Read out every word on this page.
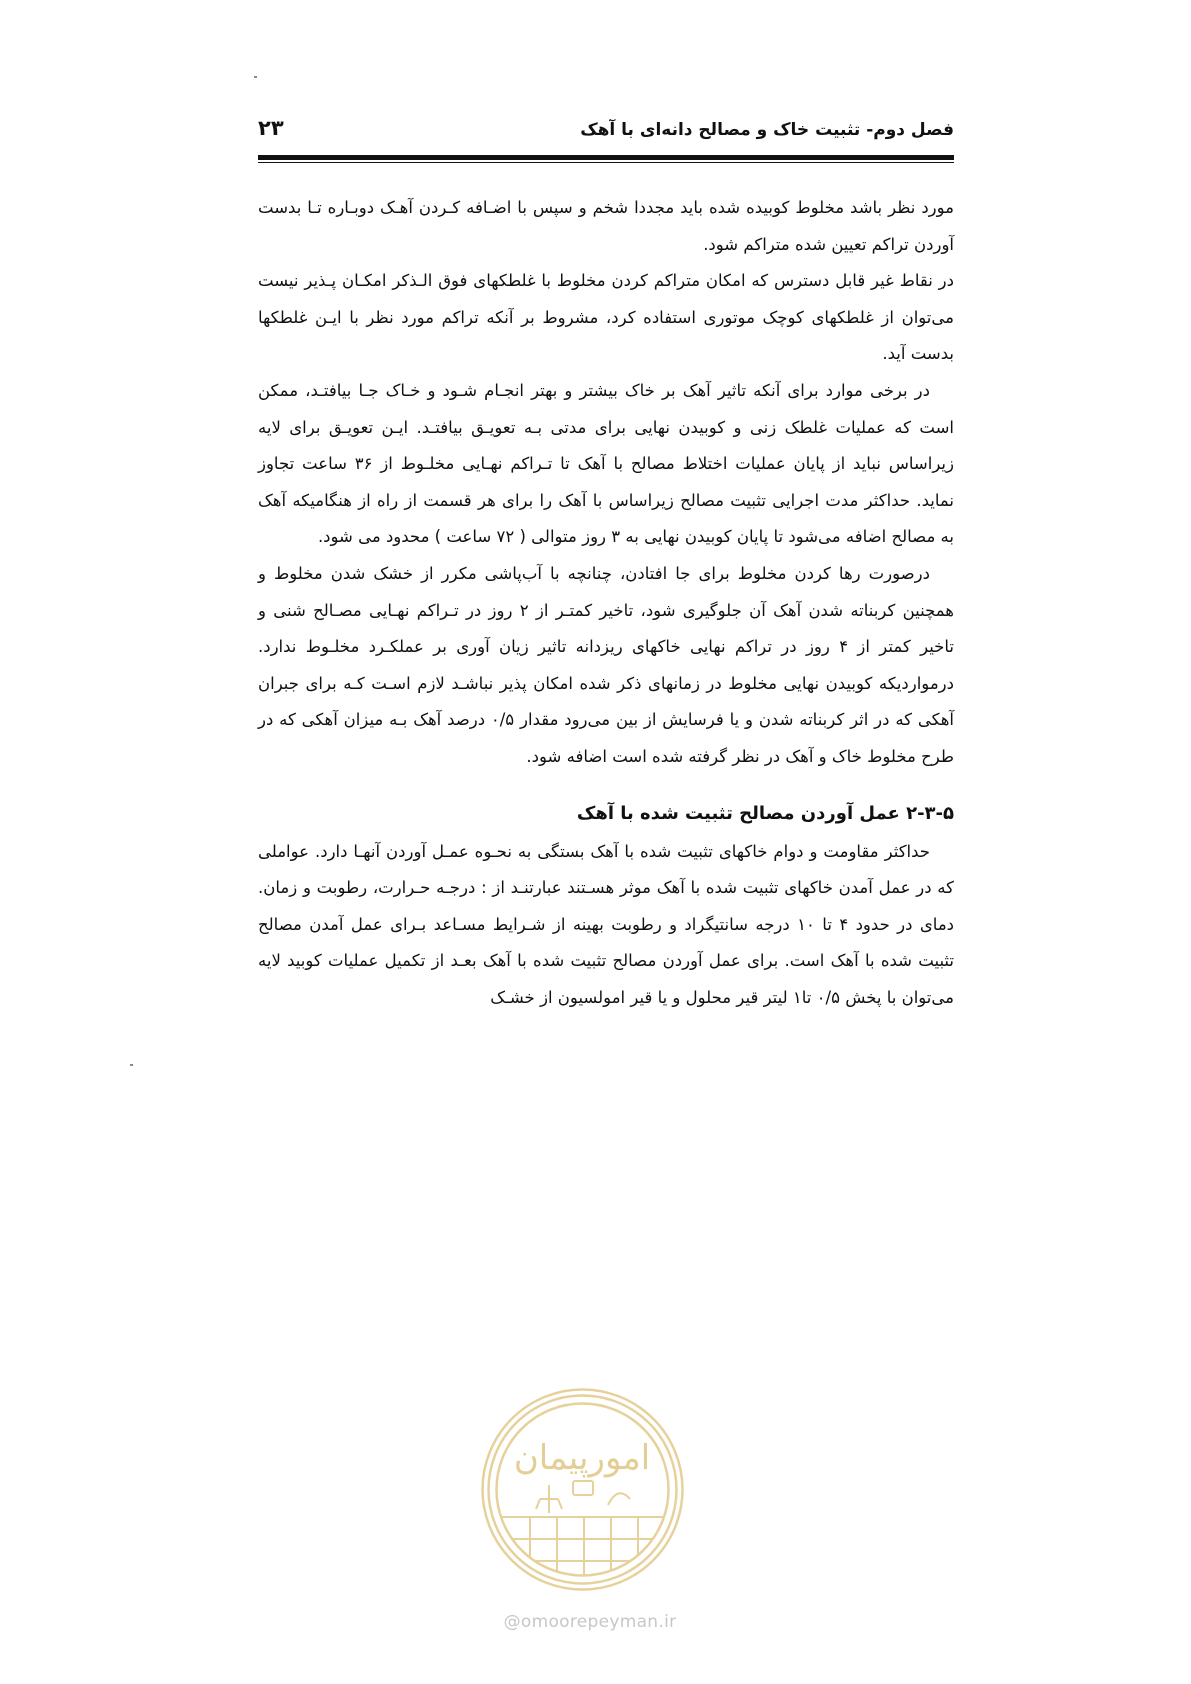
۲۳	فصل دوم- تثبیت خاک و مصالح دانه‌ای با آهک

مورد نظر باشد مخلوط کوبیده شده باید مجددا شخم و سپس با اضـافه کـردن آهـک دوبـاره تـا بدست آوردن تراکم تعیین شده متراکم شود.

در نقاط غیر قابل دسترس که امکان متراکم کردن مخلوط با غلطکهای فوق الـذکر امکـان پـذیر نیست می‌توان از غلطکهای کوچک موتوری استفاده کرد، مشروط بر آنکه تراکم مورد نظر با ایـن غلطکها بدست آید.

در برخی موارد برای آنکه تاثیر آهک بر خاک بیشتر و بهتر انجـام شـود و خـاک جـا بیافتـد، ممکن است که عملیات غلطک زنی و کوبیدن نهایی برای مدتی بـه تعویـق بیافتـد. ایـن تعویـق برای لایه زیراساس نباید از پایان عملیات اختلاط مصالح با آهک تا تـراکم نهـایی مخلـوط از ۳۶ ساعت تجاوز نماید. حداکثر مدت اجرایی تثبیت مصالح زیراساس با آهک را برای هر قسمت از راه از هنگامیکه آهک به مصالح اضافه می‌شود تا پایان کوبیدن نهایی به ۳ روز متوالی ( ۷۲ ساعت ) محدود می شود.

درصورت رها کردن مخلوط برای جا افتادن، چنانچه با آب‌پاشی مکرر از خشک شدن مخلوط و همچنین کربناته شدن آهک آن جلوگیری شود، تاخیر کمتـر از ۲ روز در تـراکم نهـایی مصـالح شنی و تاخیر کمتر از ۴ روز در تراکم نهایی خاکهای ریزدانه تاثیر زیان آوری بر عملکـرد مخلـوط ندارد. درمواردیکه کوبیدن نهایی مخلوط در زمانهای ذکر شده امکان پذیر نباشـد لازم اسـت کـه برای جبران آهکی که در اثر کربناته شدن و یا فرسایش از بین می‌رود مقدار ۰/۵ درصد آهک بـه میزان آهکی که در طرح مخلوط خاک و آهک در نظر گرفته شده است اضافه شود.

۲-۳-۵ عمل آوردن مصالح تثبیت شده با آهک

حداکثر مقاومت و دوام خاکهای تثبیت شده با آهک بستگی به نحـوه عمـل آوردن آنهـا دارد. عواملی که در عمل آمدن خاکهای تثبیت شده با آهک موثر هسـتند عبارتنـد از : درجـه حـرارت، رطوبت و زمان. دمای در حدود ۴ تا ۱۰ درجه سانتیگراد و رطوبت بهینه از شـرایط مسـاعد بـرای عمل آمدن مصالح تثبیت شده با آهک است. برای عمل آوردن مصالح تثبیت شده با آهک بعـد از تکمیل عملیات کوبید لایه می‌توان با پخش ۰/۵ تا۱ لیتر قیر محلول و یا قیر امولسیون از خشـک

امورپیمان
@omoorepeyman.ir
